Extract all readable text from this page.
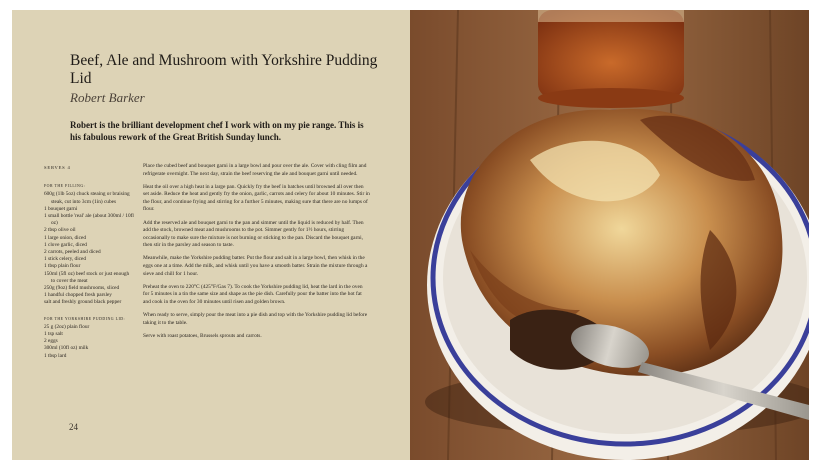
Beef, Ale and Mushroom with Yorkshire Pudding Lid

Robert Barker

Robert is the brilliant development chef I work with on my pie range. This is his fabulous rework of the Great British Sunday lunch.

SERVES 4

FOR THE FILLING:

600g (1lb 5oz) chuck steaing or braising steak, cut into 3cm (1in) cubes
1 bouquet garni
1 small bottle 'real' ale (about 300ml / 10fl oz)
2 tbsp olive oil
1 large onion, diced
1 clove garlic, diced
2 carrots, peeled and diced
1 stick celery, diced
1 tbsp plain flour
150ml (5fl oz) beef stock or just enough to cover the meat
250g (9oz) field mushrooms, sliced
1 handful chopped fresh parsley
salt and freshly ground black pepper

FOR THE YORKSHIRE PUDDING LID:

25 g (2oz) plain flour
1 tsp salt
2 eggs
300ml (10fl oz) milk
1 tbsp lard

Place the cubed beef and bouquet garni in a large bowl and pour over the ale. Cover with cling film and refrigerate overnight. The next day, strain the beef reserving the ale and bouquet garni until needed.

Heat the oil over a high heat in a large pan. Quickly fry the beef in batches until browned all over then set aside. Reduce the heat and gently fry the onion, garlic, carrots and celery for about 10 minutes. Stir in the flour, and continue frying and stirring for a further 5 minutes, making sure that there are no lumps of flour.

Add the reserved ale and bouquet garni to the pan and simmer until the liquid is reduced by half. Then add the stock, browned meat and mushrooms to the pot. Simmer gently for 1½ hours, stirring occasionally to make sure the mixture is not burning or sticking to the pan. Discard the bouquet garni, then stir in the parsley and season to taste.

Meanwhile, make the Yorkshire pudding batter. Put the flour and salt in a large bowl, then whisk in the eggs one at a time. Add the milk, and whisk until you have a smooth batter. Strain the mixture through a sieve and chill for 1 hour.

Preheat the oven to 220°C (425°F/Gas 7). To cook the Yorkshire pudding lid, heat the lard in the oven for 5 minutes in a tin the same size and shape as the pie dish. Carefully pour the batter into the hot fat and cook in the oven for 30 minutes until risen and golden brown.

When ready to serve, simply pour the meat into a pie dish and top with the Yorkshire pudding lid before taking it to the table.

Serve with roast potatoes, Brussels sprouts and carrots.

24
